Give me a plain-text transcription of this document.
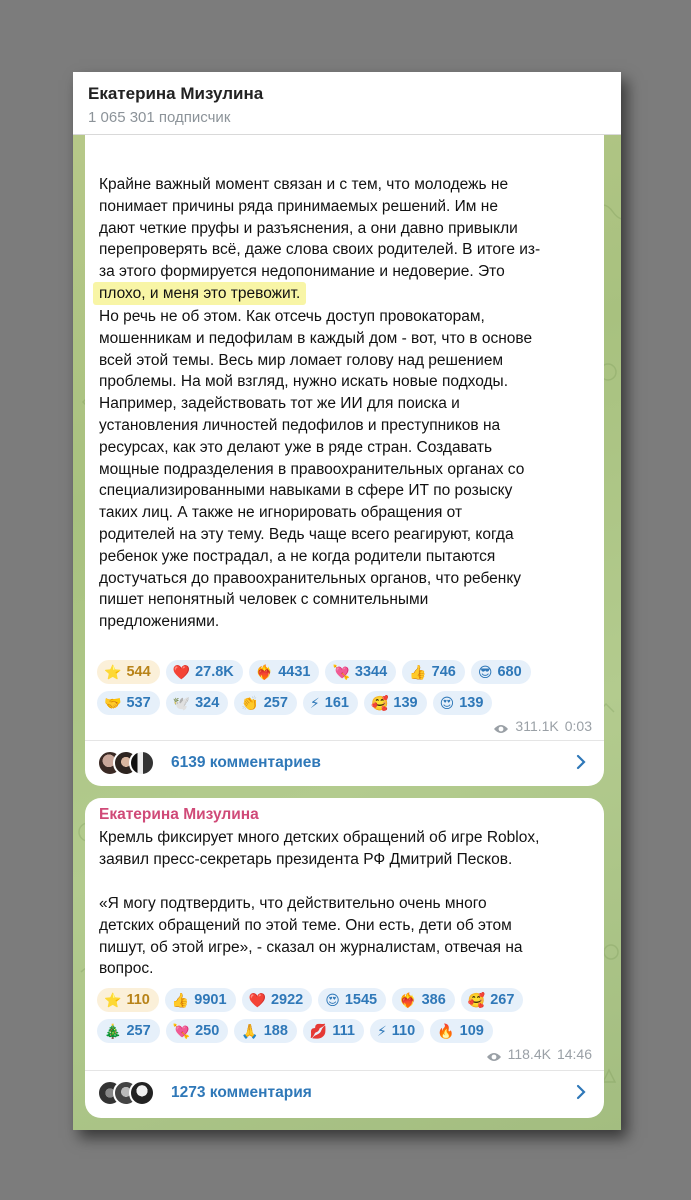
Екатерина Мизулина
1 065 301 подписчик

Крайне важный момент связан и с тем, что молодежь не
понимает причины ряда принимаемых решений. Им не
дают четкие пруфы и разъяснения, а они давно привыкли
перепроверять всё, даже слова своих родителей. В итоге из-
за этого формируется недопонимание и недоверие. Это

плохо, и меня это тревожит.

Но речь не об этом. Как отсечь доступ провокаторам,
мошенникам и педофилам в каждый дом - вот, что в основе
всей этой темы. Весь мир ломает голову над решением
проблемы. На мой взгляд, нужно искать новые подходы.
Например, задействовать тот же ИИ для поиска и
установления личностей педофилов и преступников на
ресурсах, как это делают уже в ряде стран. Создавать
мощные подразделения в правоохранительных органах со
специализированными навыками в сфере ИТ по розыску
таких лиц. А также не игнорировать обращения от
родителей на эту тему. Ведь чаще всего реагируют, когда
ребенок уже пострадал, а не когда родители пытаются
достучаться до правоохранительных органов, что ребенку
пишет непонятный человек с сомнительными
предложениями.

⭐ 544 ❤️ 27.8K ❤️‍🔥 4431 💘 3344 👍 746 😎 680
🤝 537 🕊️ 324 👏 257 ⚡ 161 🥰 139 😍 139
311.1K 0:03
6139 комментариев
Екатерина Мизулина

Кремль фиксирует много детских обращений об игре Roblox,
заявил пресс-секретарь президента РФ Дмитрий Песков.

«Я могу подтвердить, что действительно очень много
детских обращений по этой теме. Они есть, дети об этом
пишут, об этой игре», - сказал он журналистам, отвечая на
вопрос.

⭐ 110 👍 9901 ❤️ 2922 😍 1545 ❤️‍🔥 386 🥰 267
🎄 257 💘 250 🙏 188 💋 111 ⚡ 110 🔥 109
118.4K 14:46
1273 комментария
